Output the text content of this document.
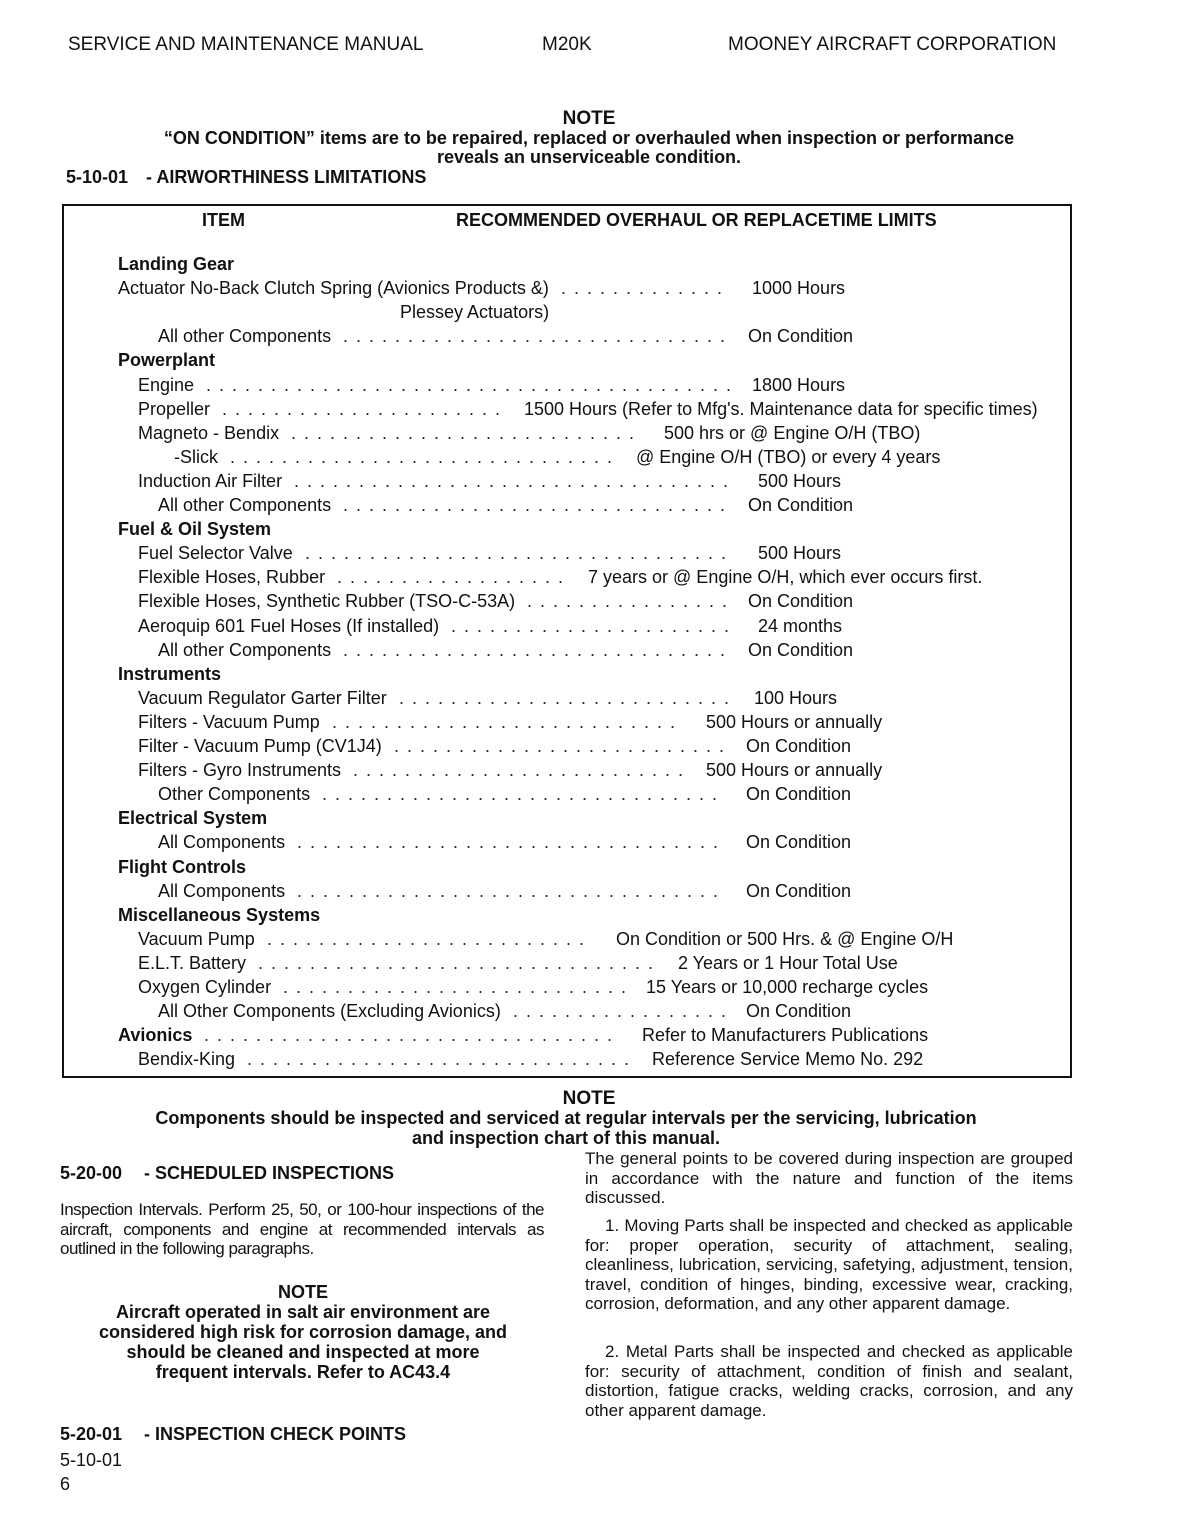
SERVICE AND MAINTENANCE MANUAL	M20K	MOONEY AIRCRAFT CORPORATION
NOTE
“ON CONDITION” items are to be repaired, replaced or overhauled when inspection or performance
reveals an unserviceable condition.
5-10-01 - AIRWORTHINESS LIMITATIONS
ITEM	RECOMMENDED OVERHAUL OR REPLACETIME LIMITS
Landing Gear
Actuator No-Back Clutch Spring (Avionics Products &) .............	1000 Hours
Plessey Actuators)
All other Components .............................. On Condition
Powerplant
Engine ......................................... 1800 Hours
Propeller ...................... 1500 Hours (Refer to Mfg's. Maintenance data for specific times)
Magneto - Bendix ...........................	500 hrs or @ Engine O/H (TBO)
-Slick .............................. @ Engine O/H (TBO) or every 4 years
Induction Air Filter ..................................	500 Hours
All other Components .............................. On Condition
Fuel & Oil System
Fuel Selector Valve .................................	500 Hours
Flexible Hoses, Rubber .................. 7 years or @ Engine O/H, which ever occurs first.
Flexible Hoses, Synthetic Rubber (TSO-C-53A) ................ On Condition
Aeroquip 601 Fuel Hoses (If installed) ......................	24 months
All other Components .............................. On Condition
Instruments
Vacuum Regulator Garter Filter .......................... 100 Hours
Filters - Vacuum Pump ...........................	500 Hours or annually
Filter - Vacuum Pump (CV1J4) .......................... On Condition
Filters - Gyro Instruments .......................... 500 Hours or annually
Other Components ...............................	On Condition
Electrical System
All Components .................................	On Condition
Flight Controls
All Components .................................	On Condition
Miscellaneous Systems
Vacuum Pump .........................	On Condition or 500 Hrs. & @ Engine O/H
E.L.T. Battery ............................... 2 Years or 1 Hour Total Use
Oxygen Cylinder ........................... 15 Years or 10,000 recharge cycles
All Other Components (Excluding Avionics) ................. On Condition
Avionics ................................	Refer to Manufacturers Publications
Bendix-King .............................. Reference Service Memo No. 292
NOTE
Components should be inspected and serviced at regular intervals per the servicing, lubrication
and inspection chart of this manual.
5-20-00 - SCHEDULED INSPECTIONS
Inspection Intervals. Perform 25, 50, or 100-hour inspections of the aircraft, components and engine at recommended intervals as outlined in the following paragraphs.
NOTE
Aircraft operated in salt air environment are
considered high risk for corrosion damage, and
should be cleaned and inspected at more
frequent intervals. Refer to AC43.4
5-20-01 - INSPECTION CHECK POINTS
The general points to be covered during inspection are grouped in accordance with the nature and function of the items discussed.
1. Moving Parts shall be inspected and checked as applicable for: proper operation, security of attachment, sealing, cleanliness, lubrication, servicing, safetying, adjustment, tension, travel, condition of hinges, binding, excessive wear, cracking, corrosion, deformation, and any other apparent damage.
2. Metal Parts shall be inspected and checked as applicable for: security of attachment, condition of finish and sealant, distortion, fatigue cracks, welding cracks, corrosion, and any other apparent damage.
5-10-01
6
